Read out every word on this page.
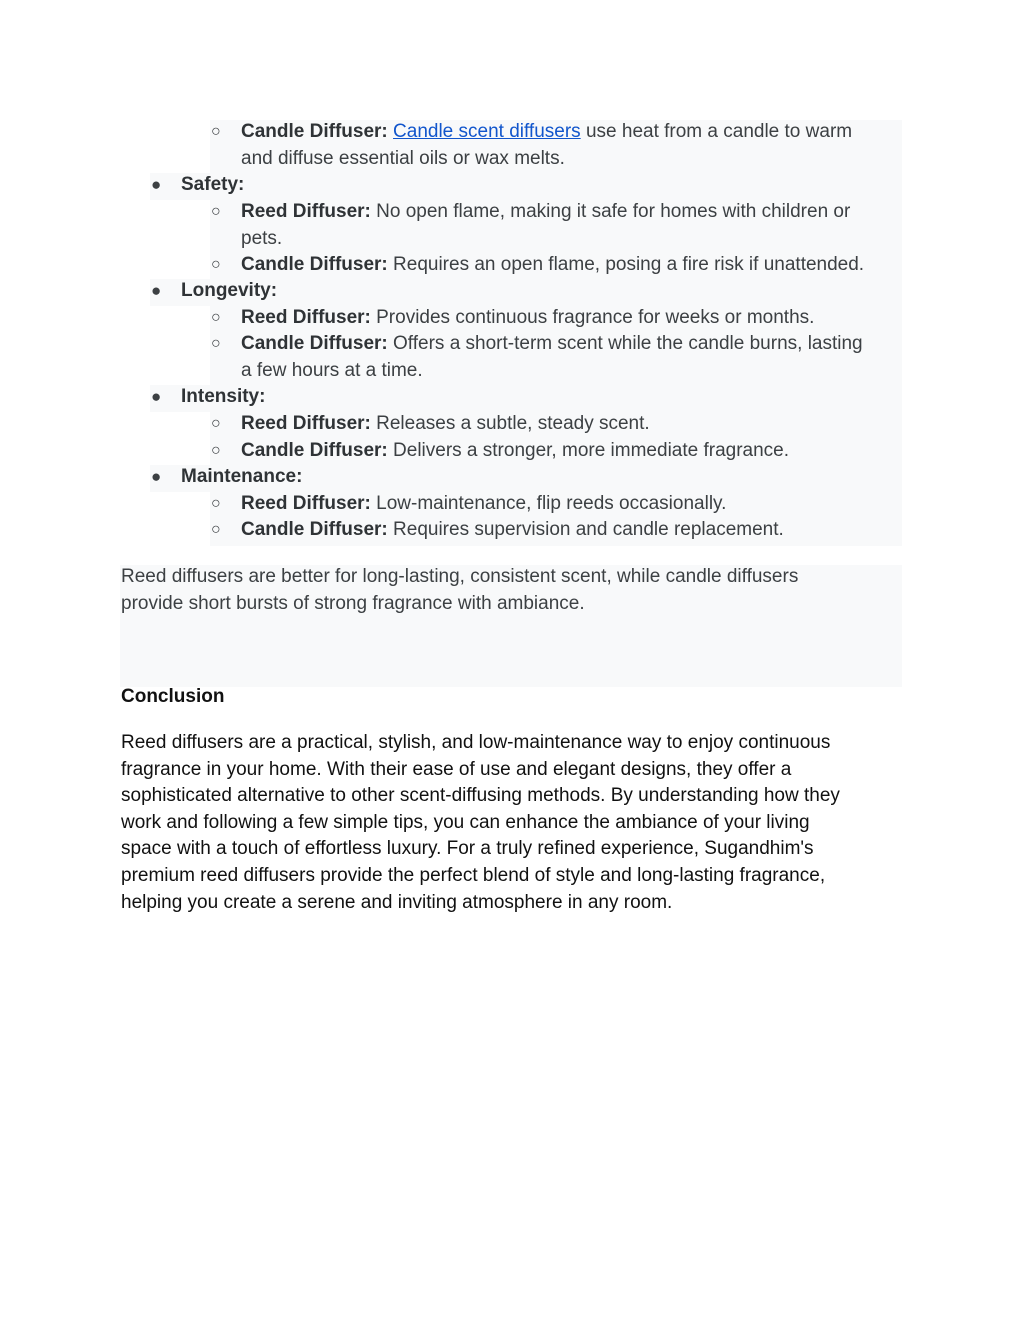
○ Candle Diffuser: Candle scent diffusers use heat from a candle to warm
and diffuse essential oils or wax melts.
● Safety:
○ Reed Diffuser: No open flame, making it safe for homes with children or
pets.
○ Candle Diffuser: Requires an open flame, posing a fire risk if unattended.
● Longevity:
○ Reed Diffuser: Provides continuous fragrance for weeks or months.
○ Candle Diffuser: Offers a short-term scent while the candle burns, lasting
a few hours at a time.
● Intensity:
○ Reed Diffuser: Releases a subtle, steady scent.
○ Candle Diffuser: Delivers a stronger, more immediate fragrance.
● Maintenance:
○ Reed Diffuser: Low-maintenance, flip reeds occasionally.
○ Candle Diffuser: Requires supervision and candle replacement.
Reed diffusers are better for long-lasting, consistent scent, while candle diffusers
provide short bursts of strong fragrance with ambiance.
Conclusion
Reed diffusers are a practical, stylish, and low-maintenance way to enjoy continuous
fragrance in your home. With their ease of use and elegant designs, they offer a
sophisticated alternative to other scent-diffusing methods. By understanding how they
work and following a few simple tips, you can enhance the ambiance of your living
space with a touch of effortless luxury. For a truly refined experience, Sugandhim's
premium reed diffusers provide the perfect blend of style and long-lasting fragrance,
helping you create a serene and inviting atmosphere in any room.
